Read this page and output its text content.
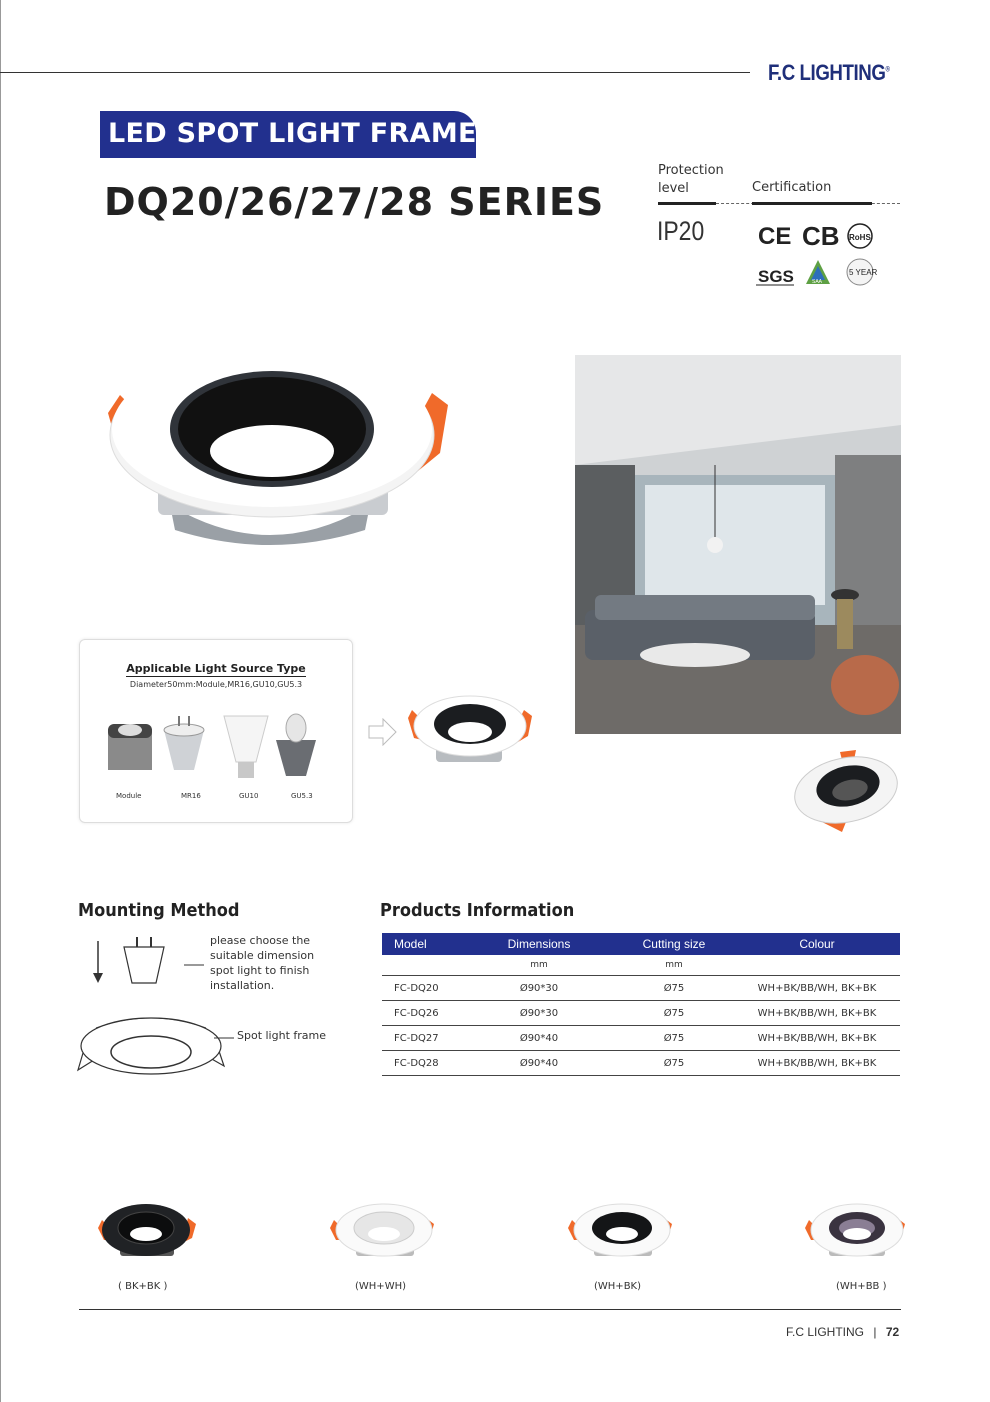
F.C LIGHTING®
LED SPOT LIGHT FRAME
DQ20/26/27/28 SERIES
Protection
level	Certification
IP20 CE CB RoHS
SGS	SAA
5 YEAR
Applicable Light Source Type
Diameter50mm:Module,MR16,GU10,GU5.3
Module	MR16	GU10	GU5.3
Mounting Method
please choose the suitable dimension spot light to finish installation.
Spot light frame
Products Information
Model	Dimensions	Cutting size	Colour
	mm	mm	
FC-DQ20	Ø90*30	Ø75	WH+BK/BB/WH, BK+BK
FC-DQ26	Ø90*30	Ø75	WH+BK/BB/WH, BK+BK
FC-DQ27	Ø90*40	Ø75	WH+BK/BB/WH, BK+BK
FC-DQ28	Ø90*40	Ø75	WH+BK/BB/WH, BK+BK
( BK+BK )	(WH+WH)	(WH+BK)	(WH+BB )
F.C LIGHTING | 72
